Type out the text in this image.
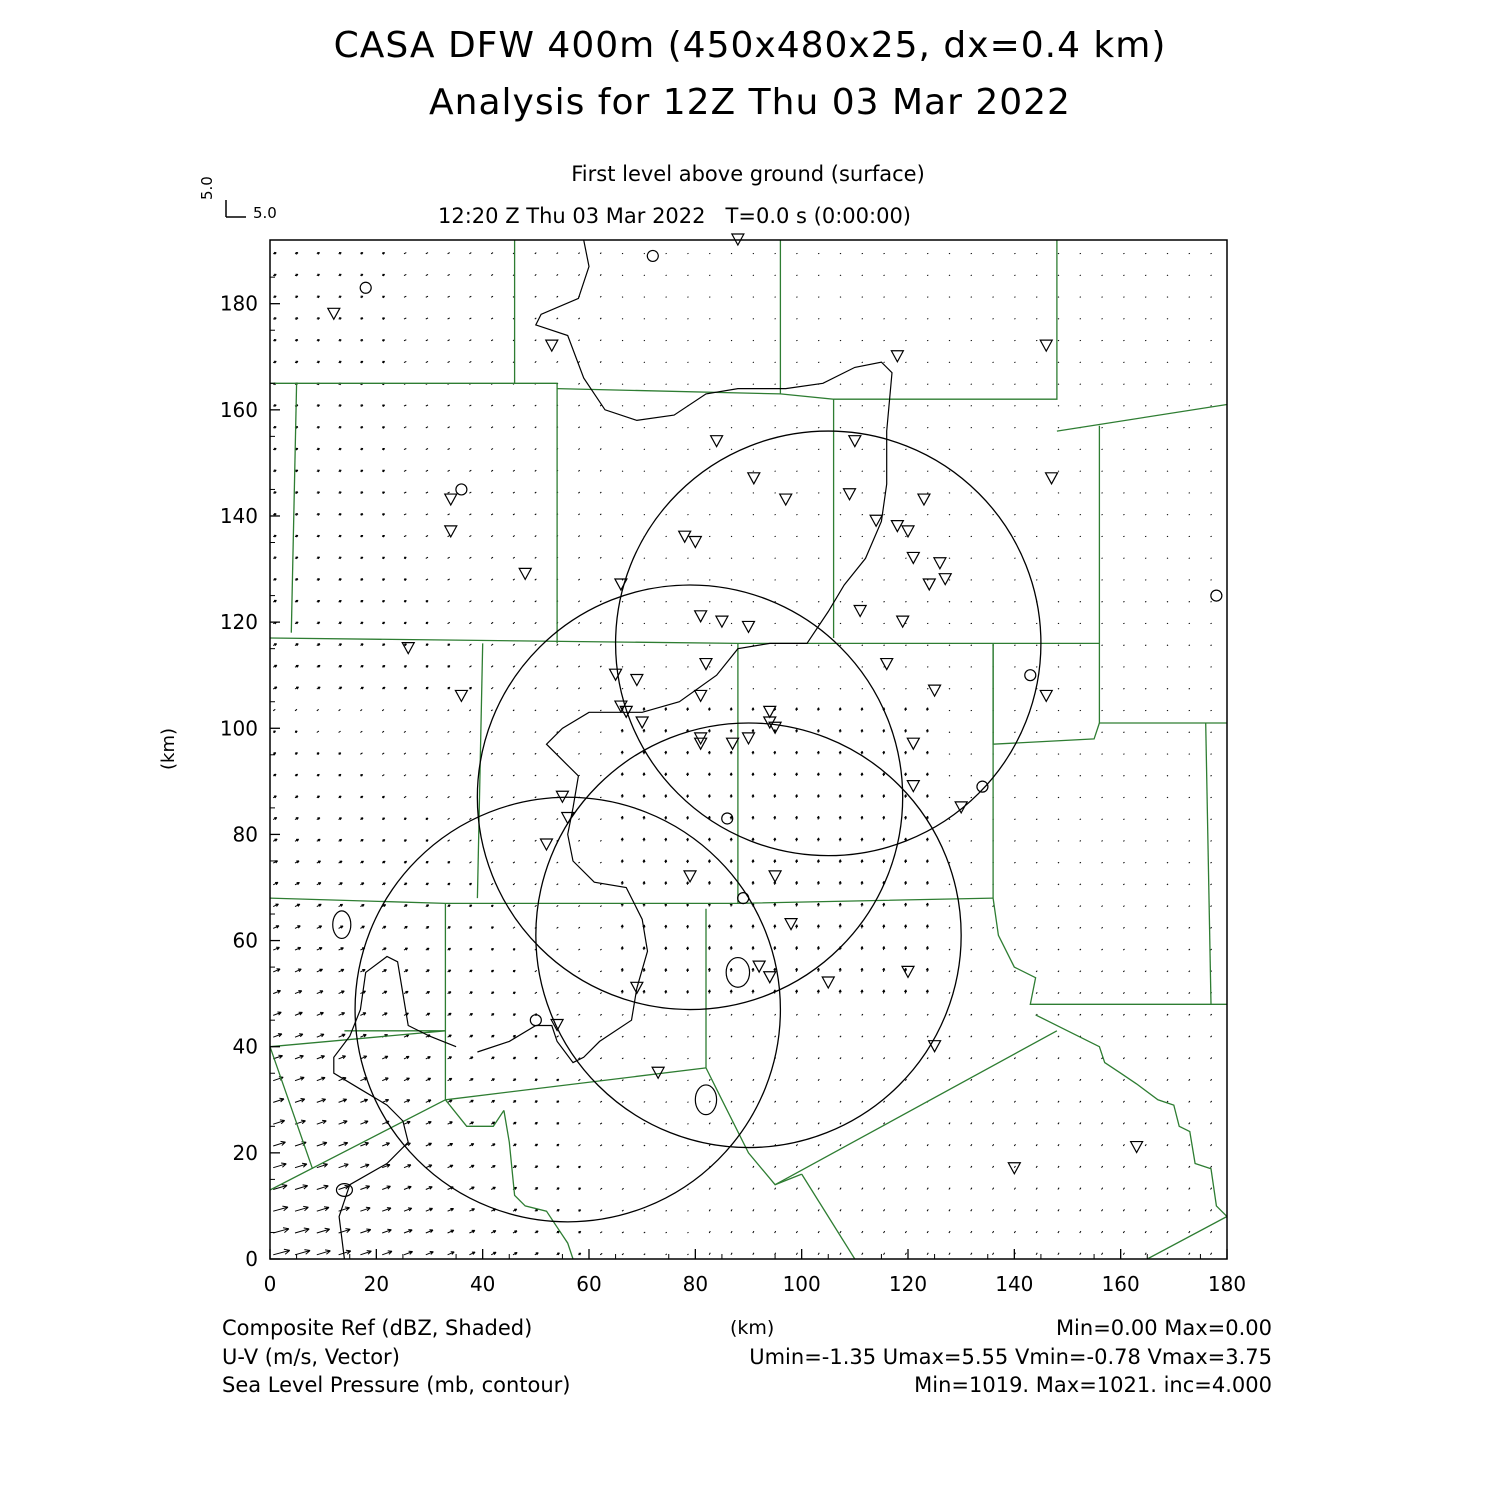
CASA DFW 400m (450x480x25, dx=0.4 km)
Analysis for 12Z Thu 03 Mar 2022
First level above ground (surface)
12:20 Z Thu 03 Mar 2022   T=0.0 s (0:00:00)
5.0
5.0
(km)
(km)
Composite Ref (dBZ, Shaded)
U-V (m/s, Vector)
Sea Level Pressure (mb, contour)
Min=0.00 Max=0.00
Umin=-1.35 Umax=5.55 Vmin=-0.78 Vmax=3.75
Min=1019. Max=1021. inc=4.000
0	20	40	60	80	100	120	140	160	180
0
20
40
60
80
100
120
140
160
180
